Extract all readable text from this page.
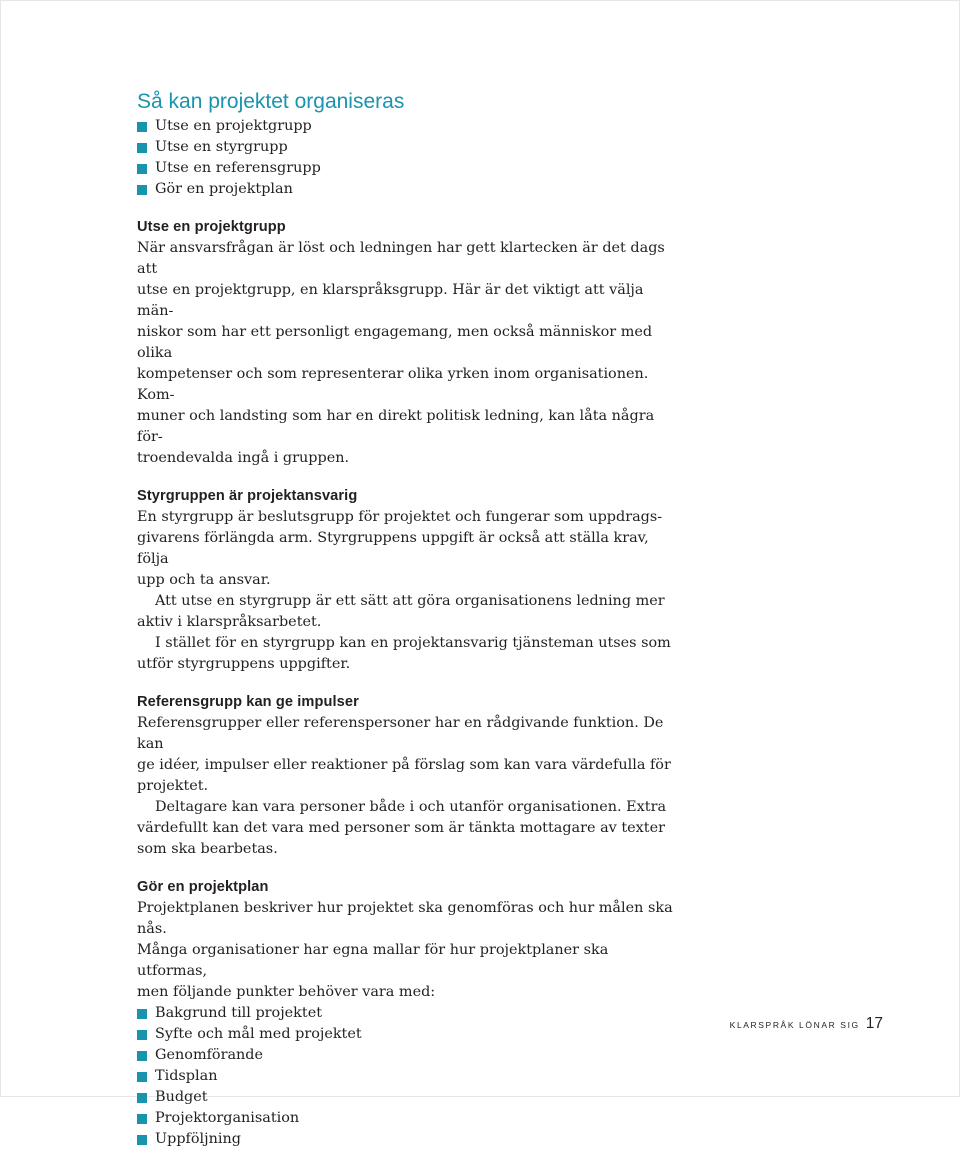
Så kan projektet organiseras
Utse en projektgrupp
Utse en styrgrupp
Utse en referensgrupp
Gör en projektplan
Utse en projektgrupp

När ansvarsfrågan är löst och ledningen har gett klartecken är det dags att
utse en projektgrupp, en klarspråksgrupp. Här är det viktigt att välja män-
niskor som har ett personligt engagemang, men också människor med olika
kompetenser och som representerar olika yrken inom organisationen. Kom-
muner och landsting som har en direkt politisk ledning, kan låta några för-
troendevalda ingå i gruppen.

Styrgruppen är projektansvarig

En styrgrupp är beslutsgrupp för projektet och fungerar som uppdrags-
givarens förlängda arm. Styrgruppens uppgift är också att ställa krav, följa
upp och ta ansvar.

Att utse en styrgrupp är ett sätt att göra organisationens ledning mer
aktiv i klarspråksarbetet.

I stället för en styrgrupp kan en projektansvarig tjänsteman utses som
utför styrgruppens uppgifter.

Referensgrupp kan ge impulser

Referensgrupper eller referenspersoner har en rådgivande funktion. De kan
ge idéer, impulser eller reaktioner på förslag som kan vara värdefulla för
projektet.

Deltagare kan vara personer både i och utanför organisationen. Extra
värdefullt kan det vara med personer som är tänkta mottagare av texter
som ska bearbetas.

Gör en projektplan

Projektplanen beskriver hur projektet ska genomföras och hur målen ska nås.
Många organisationer har egna mallar för hur projektplaner ska utformas,
men följande punkter behöver vara med:

Bakgrund till projektet
Syfte och mål med projektet
Genomförande
Tidsplan
Budget
Projektorganisation
Uppföljning
KLARSPRÅK LÖNAR SIG 17
